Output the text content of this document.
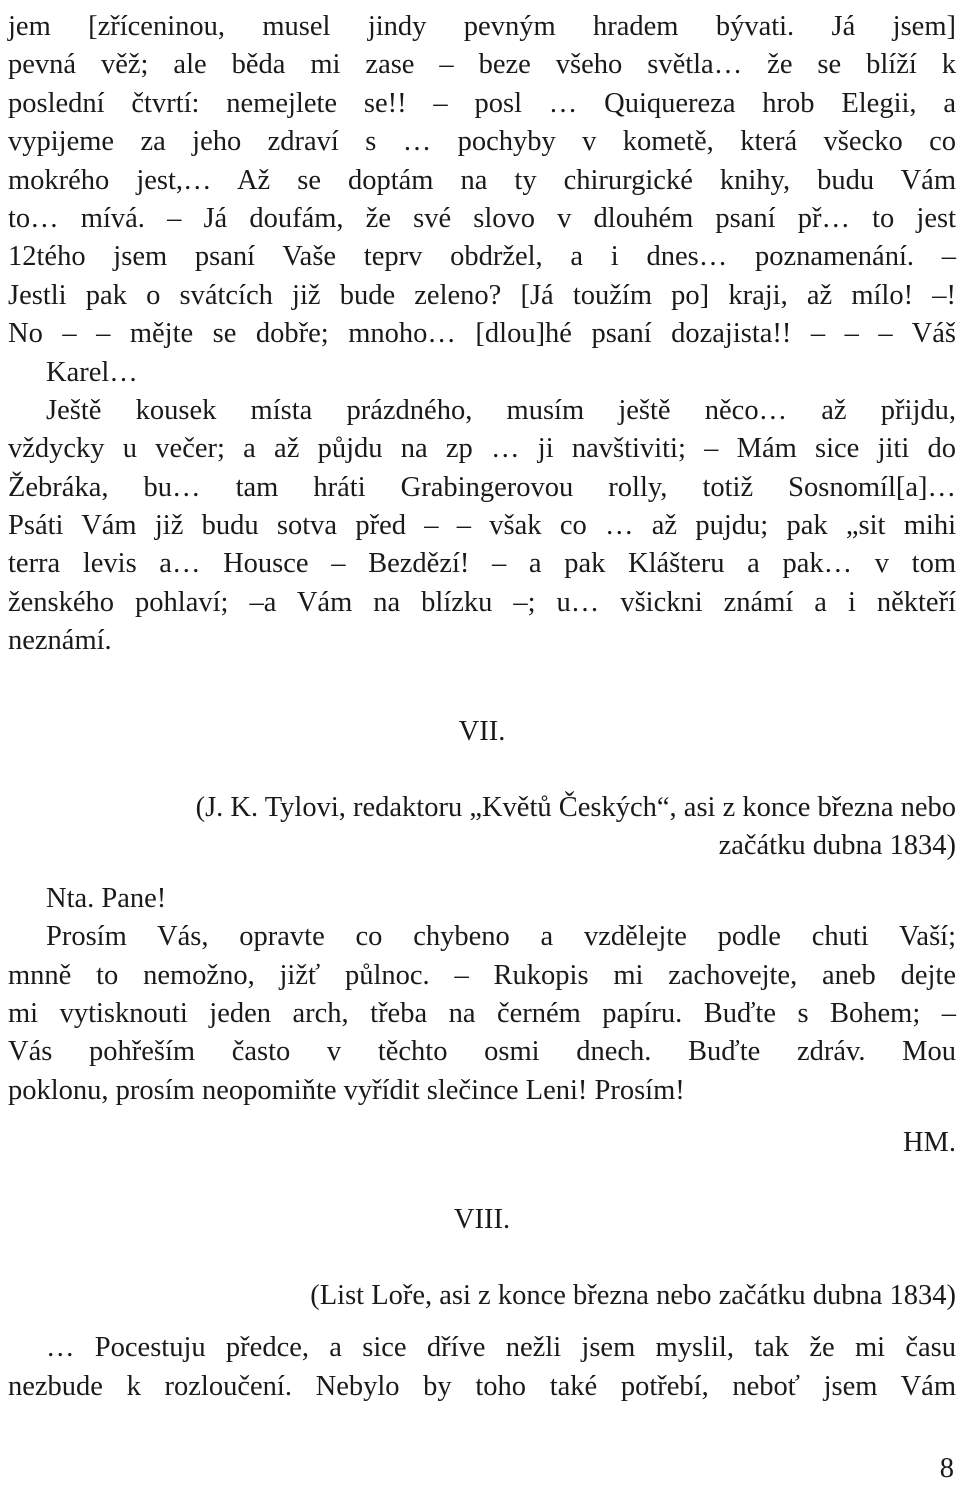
jem [zříceninou, musel jindy pevným hradem bývati. Já jsem]
pevná věž; ale běda mi zase – beze všeho světla… že se blíží k
poslední čtvrtí: nemejlete se!! – posl … Quiquereza hrob Elegii, a
vypijeme za jeho zdraví s … pochyby v kometě, která všecko co
mokrého jest,… Až se doptám na ty chirurgické knihy, budu Vám
to… mívá. – Já doufám, že své slovo v dlouhém psaní př… to jest
12tého jsem psaní Vaše teprv obdržel, a i dnes… poznamenání. –
Jestli pak o svátcích již bude zeleno? [Já toužím po] kraji, až mílo! –!
No – – mějte se dobře; mnoho… [dlou]hé psaní dozajista!! – – – Váš
Karel…
Ještě kousek místa prázdného, musím ještě něco… až přijdu,
vždycky u večer; a až půjdu na zp … ji navštiviti; – Mám sice jiti do
Žebráka, bu… tam hráti Grabingerovou rolly, totiž Sosnomíl[a]…
Psáti Vám již budu sotva před – – však co … až pujdu; pak „sit mihi
terra levis a… Housce – Bezdězí! – a pak Klášteru a pak… v tom
ženského pohlaví; –a Vám na blízku –; u… všickni známí a i někteří
neznámí.
VII.
(J. K. Tylovi, redaktoru „Květů Českých“, asi z konce března nebo
začátku dubna 1834)
Nta. Pane!
Prosím Vás, opravte co chybeno a vzdělejte podle chuti Vaší;
mnně to nemožno, jižť půlnoc. – Rukopis mi zachovejte, aneb dejte
mi vytisknouti jeden arch, třeba na černém papíru. Buďte s Bohem; –
Vás pohřeším často v těchto osmi dnech. Buďte zdráv. Mou
poklonu, prosím neopomiňte vyřídit slečince Leni! Prosím!
HM.
VIII.
(List Loře, asi z konce března nebo začátku dubna 1834)
… Pocestuju předce, a sice dříve nežli jsem myslil, tak že mi času
nezbude k rozloučení. Nebylo by toho také potřebí, neboť jsem Vám
8
